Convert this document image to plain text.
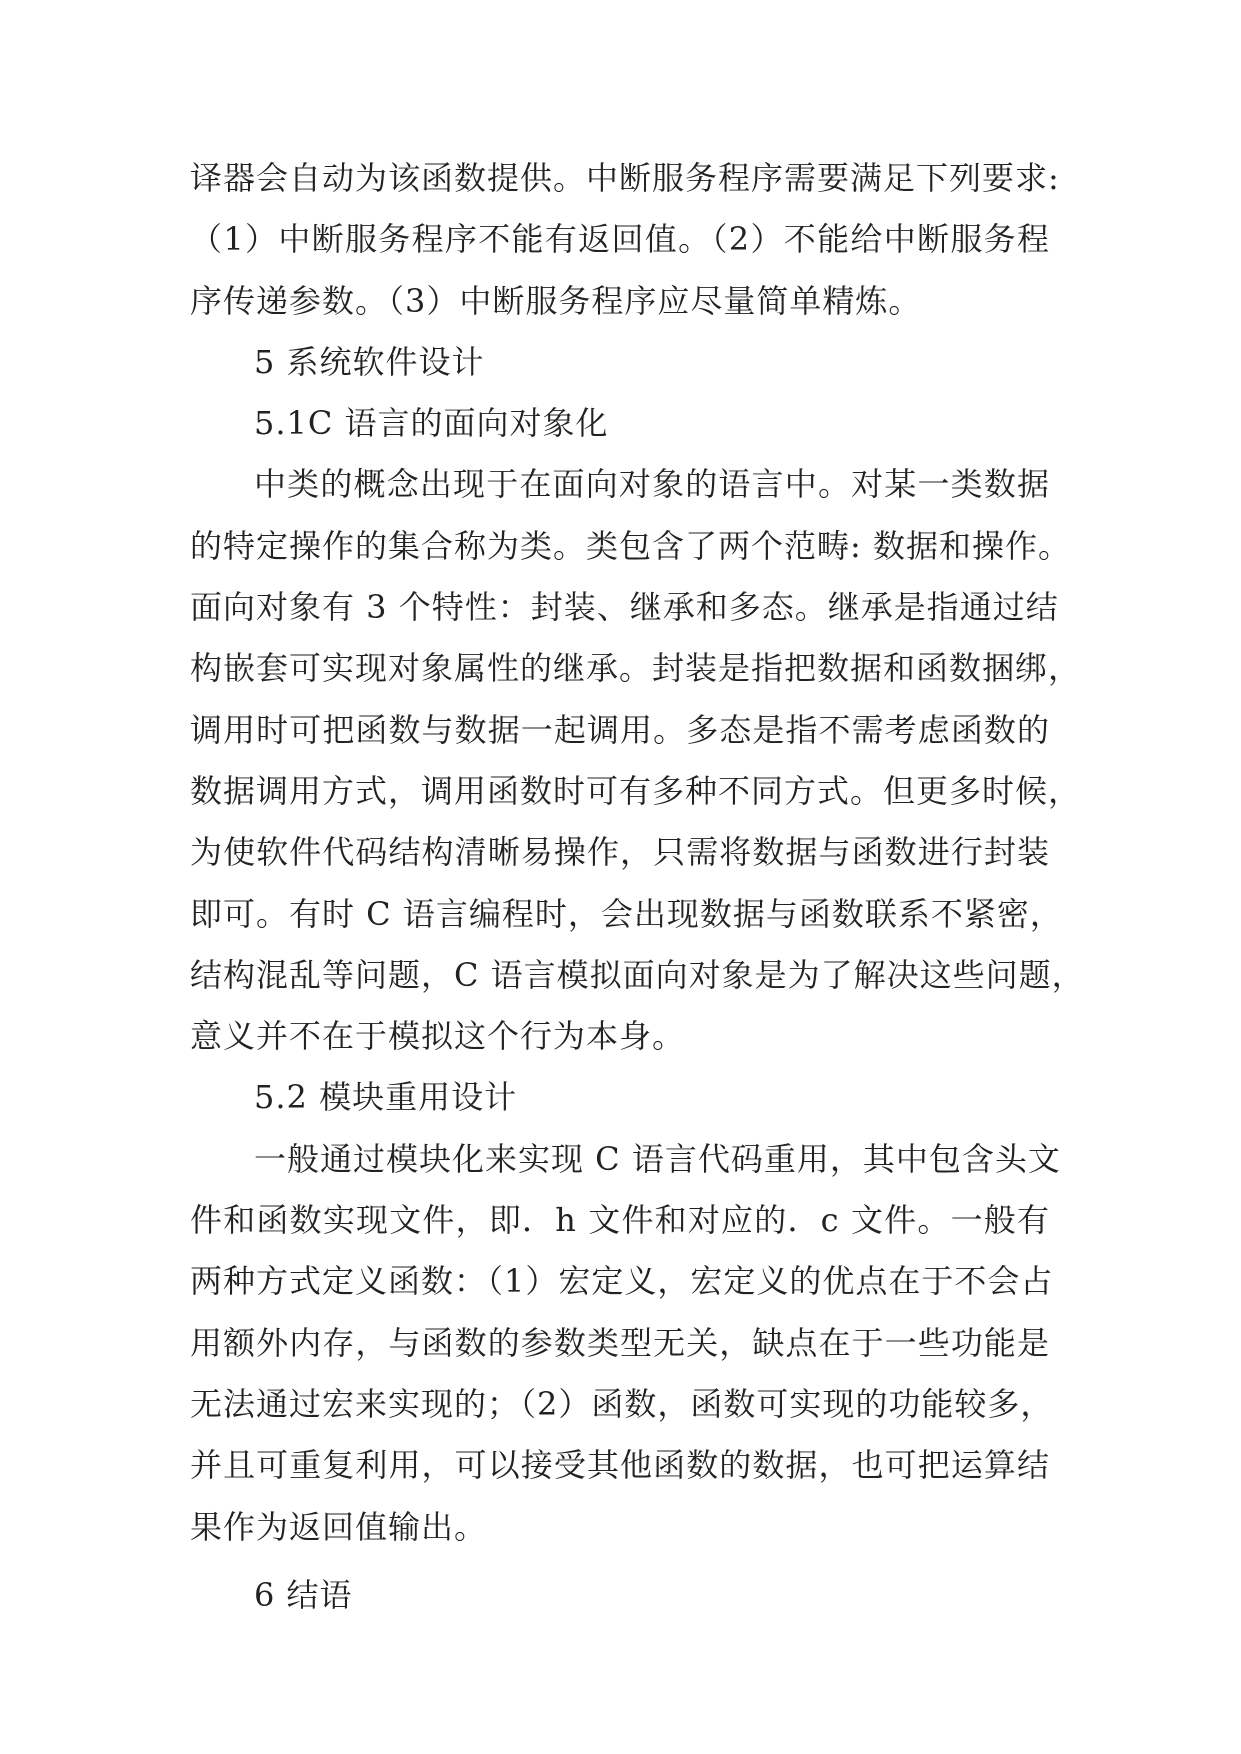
译器会自动为该函数提供。中断服务程序需要满足下列要求:
（1）中断服务程序不能有返回值。（2）不能给中断服务程
序传递参数。（3）中断服务程序应尽量简单精炼。
5 系统软件设计
5.1C 语言的面向对象化
中类的概念出现于在面向对象的语言中。对某一类数据
的特定操作的集合称为类。类包含了两个范畴: 数据和操作。
面向对象有 3 个特性：封装、继承和多态。继承是指通过结
构嵌套可实现对象属性的继承。封装是指把数据和函数捆绑，
调用时可把函数与数据一起调用。多态是指不需考虑函数的
数据调用方式，调用函数时可有多种不同方式。但更多时候，
为使软件代码结构清晰易操作，只需将数据与函数进行封装
即可。有时 C 语言编程时，会出现数据与函数联系不紧密，
结构混乱等问题，C 语言模拟面向对象是为了解决这些问题，
意义并不在于模拟这个行为本身。
5.2 模块重用设计
一般通过模块化来实现 C 语言代码重用，其中包含头文
件和函数实现文件，即．h 文件和对应的．c 文件。一般有
两种方式定义函数：（1）宏定义，宏定义的优点在于不会占
用额外内存，与函数的参数类型无关，缺点在于一些功能是
无法通过宏来实现的；（2）函数，函数可实现的功能较多，
并且可重复利用，可以接受其他函数的数据，也可把运算结
果作为返回值输出。
6 结语
